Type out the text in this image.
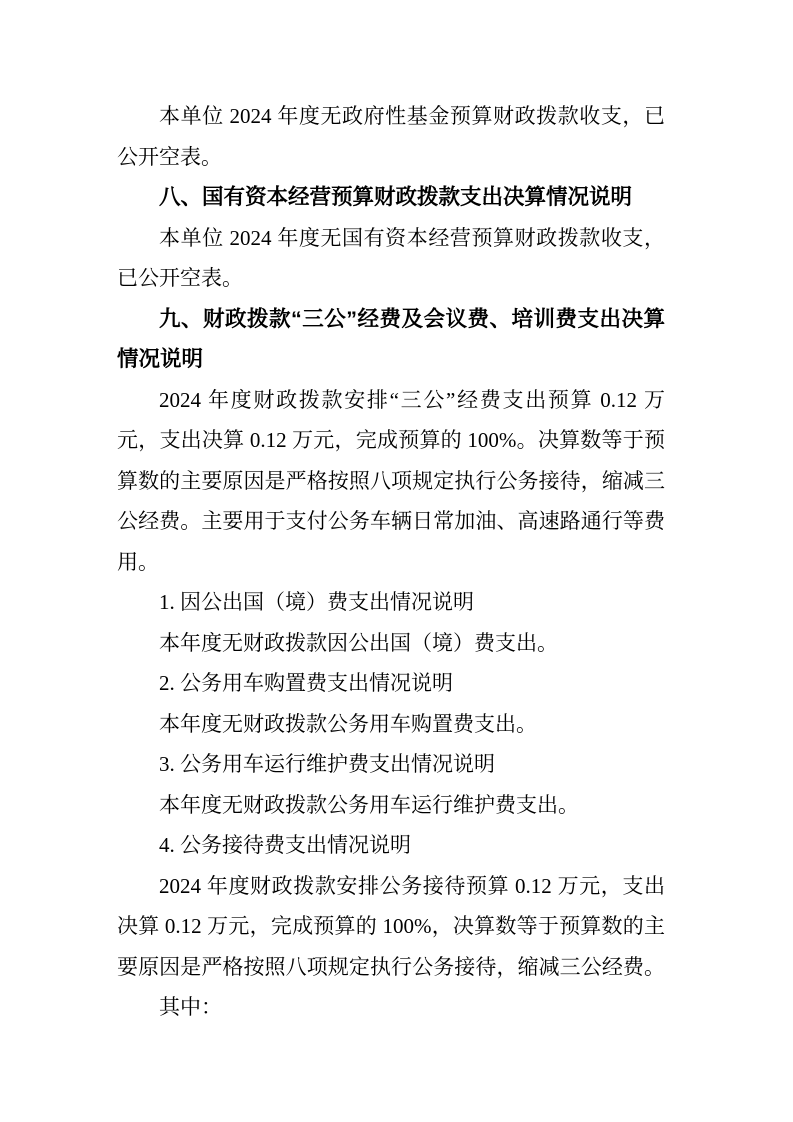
本单位 2024 年度无政府性基金预算财政拨款收支，已
公开空表。
八、国有资本经营预算财政拨款支出决算情况说明
本单位 2024 年度无国有资本经营预算财政拨款收支，
已公开空表。
九、财政拨款“三公”经费及会议费、培训费支出决算
情况说明
2024 年度财政拨款安排“三公”经费支出预算 0.12 万
元，支出决算 0.12 万元，完成预算的 100%。决算数等于预
算数的主要原因是严格按照八项规定执行公务接待，缩减三
公经费。主要用于支付公务车辆日常加油、高速路通行等费
用。
1. 因公出国（境）费支出情况说明
本年度无财政拨款因公出国（境）费支出。
2. 公务用车购置费支出情况说明
本年度无财政拨款公务用车购置费支出。
3. 公务用车运行维护费支出情况说明
本年度无财政拨款公务用车运行维护费支出。
4. 公务接待费支出情况说明
2024 年度财政拨款安排公务接待预算 0.12 万元，支出
决算 0.12 万元，完成预算的 100%，决算数等于预算数的主
要原因是严格按照八项规定执行公务接待，缩减三公经费。
其中：
